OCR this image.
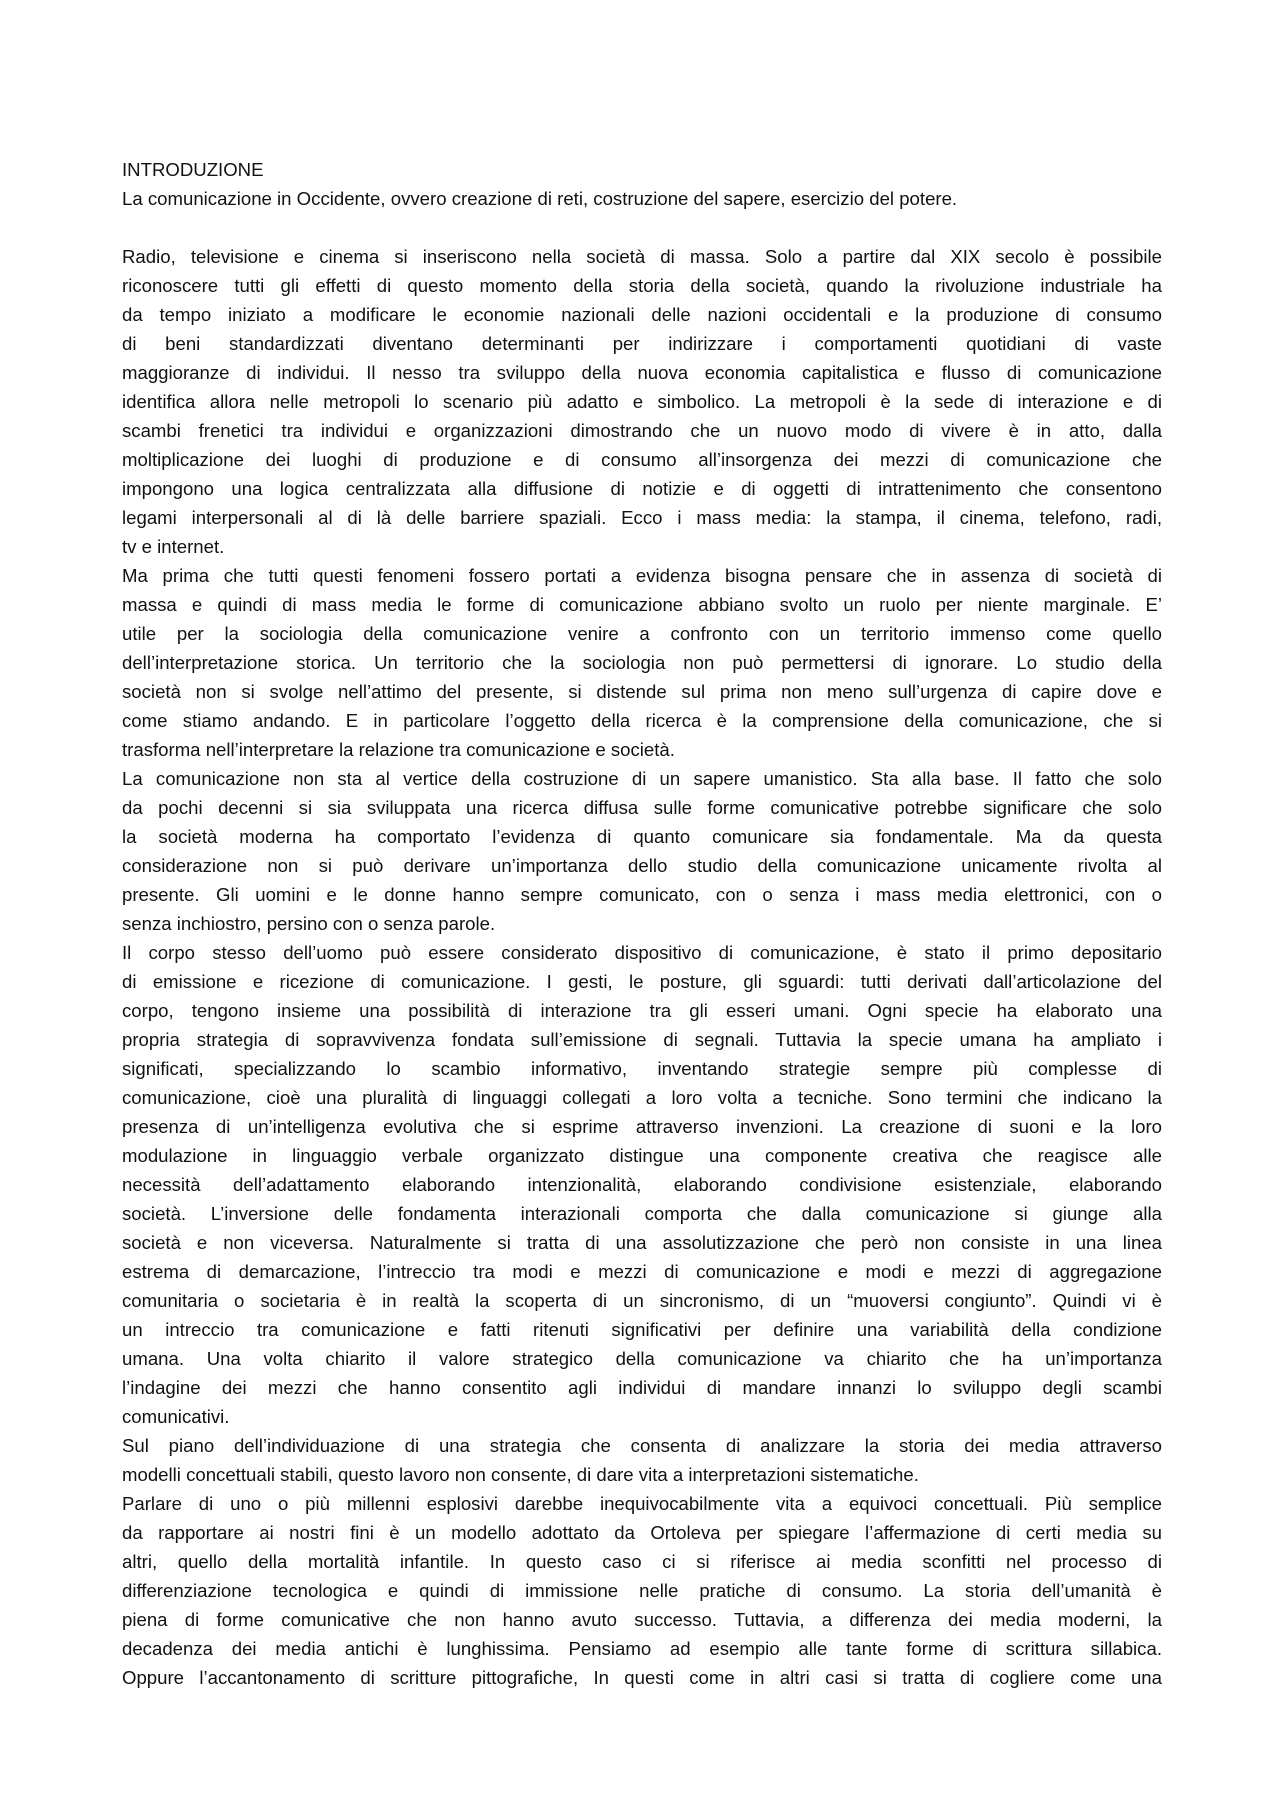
INTRODUZIONE
La comunicazione in Occidente, ovvero creazione di reti, costruzione del sapere, esercizio del potere.
Radio, televisione e cinema si inseriscono nella società di massa. Solo a partire dal XIX secolo è possibile
riconoscere tutti gli effetti di questo momento della storia della società, quando la rivoluzione industriale ha
da tempo iniziato a modificare le economie nazionali delle nazioni occidentali e la produzione di consumo
di beni standardizzati diventano determinanti per indirizzare i comportamenti quotidiani di vaste
maggioranze di individui. Il nesso tra sviluppo della nuova economia capitalistica e flusso di comunicazione
identifica allora nelle metropoli lo scenario più adatto e simbolico. La metropoli è la sede di interazione e di
scambi frenetici tra individui e organizzazioni dimostrando che un nuovo modo di vivere è in atto, dalla
moltiplicazione dei luoghi di produzione e di consumo all’insorgenza dei mezzi di comunicazione che
impongono una logica centralizzata alla diffusione di notizie e di oggetti di intrattenimento che consentono
legami interpersonali al di là delle barriere spaziali. Ecco i mass media: la stampa, il cinema, telefono, radi,
tv e internet.
Ma prima che tutti questi fenomeni fossero portati a evidenza bisogna pensare che in assenza di società di
massa e quindi di mass media le forme di comunicazione abbiano svolto un ruolo per niente marginale. E’
utile per la sociologia della comunicazione venire a confronto con un territorio immenso come quello
dell’interpretazione storica. Un territorio che la sociologia non può permettersi di ignorare. Lo studio della
società non si svolge nell’attimo del presente, si distende sul prima non meno sull’urgenza di capire dove e
come stiamo andando. E in particolare l’oggetto della ricerca è la comprensione della comunicazione, che si
trasforma nell’interpretare la relazione tra comunicazione e società.
La comunicazione non sta al vertice della costruzione di un sapere umanistico. Sta alla base. Il fatto che solo
da pochi decenni si sia sviluppata una ricerca diffusa sulle forme comunicative potrebbe significare che solo
la società moderna ha comportato l’evidenza di quanto comunicare sia fondamentale. Ma da questa
considerazione non si può derivare un’importanza dello studio della comunicazione unicamente rivolta al
presente. Gli uomini e le donne hanno sempre comunicato, con o senza i mass media elettronici, con o
senza inchiostro, persino con o senza parole.
Il corpo stesso dell’uomo può essere considerato dispositivo di comunicazione, è stato il primo depositario
di emissione e ricezione di comunicazione. I gesti, le posture, gli sguardi: tutti derivati dall’articolazione del
corpo, tengono insieme una possibilità di interazione tra gli esseri umani. Ogni specie ha elaborato una
propria strategia di sopravvivenza fondata sull’emissione di segnali. Tuttavia la specie umana ha ampliato i
significati, specializzando lo scambio informativo, inventando strategie sempre più complesse di
comunicazione, cioè una pluralità di linguaggi collegati a loro volta a tecniche. Sono termini che indicano la
presenza di un’intelligenza evolutiva che si esprime attraverso invenzioni. La creazione di suoni e la loro
modulazione in linguaggio verbale organizzato distingue una componente creativa che reagisce alle
necessità dell’adattamento elaborando intenzionalità, elaborando condivisione esistenziale, elaborando
società. L’inversione delle fondamenta interazionali comporta che dalla comunicazione si giunge alla
società e non viceversa. Naturalmente si tratta di una assolutizzazione che però non consiste in una linea
estrema di demarcazione, l’intreccio tra modi e mezzi di comunicazione e modi e mezzi di aggregazione
comunitaria o societaria è in realtà la scoperta di un sincronismo, di un “muoversi congiunto”. Quindi vi è
un intreccio tra comunicazione e fatti ritenuti significativi per definire una variabilità della condizione
umana. Una volta chiarito il valore strategico della comunicazione va chiarito che ha un’importanza
l’indagine dei mezzi che hanno consentito agli individui di mandare innanzi lo sviluppo degli scambi
comunicativi.
Sul piano dell’individuazione di una strategia che consenta di analizzare la storia dei media attraverso
modelli concettuali stabili, questo lavoro non consente, di dare vita a interpretazioni sistematiche.
Parlare di uno o più millenni esplosivi darebbe inequivocabilmente vita a equivoci concettuali. Più semplice
da rapportare ai nostri fini è un modello adottato da Ortoleva per spiegare l’affermazione di certi media su
altri, quello della mortalità infantile. In questo caso ci si riferisce ai media sconfitti nel processo di
differenziazione tecnologica e quindi di immissione nelle pratiche di consumo. La storia dell’umanità è
piena di forme comunicative che non hanno avuto successo. Tuttavia, a differenza dei media moderni, la
decadenza dei media antichi è lunghissima. Pensiamo ad esempio alle tante forme di scrittura sillabica.
Oppure l’accantonamento di scritture pittografiche, In questi come in altri casi si tratta di cogliere come una
